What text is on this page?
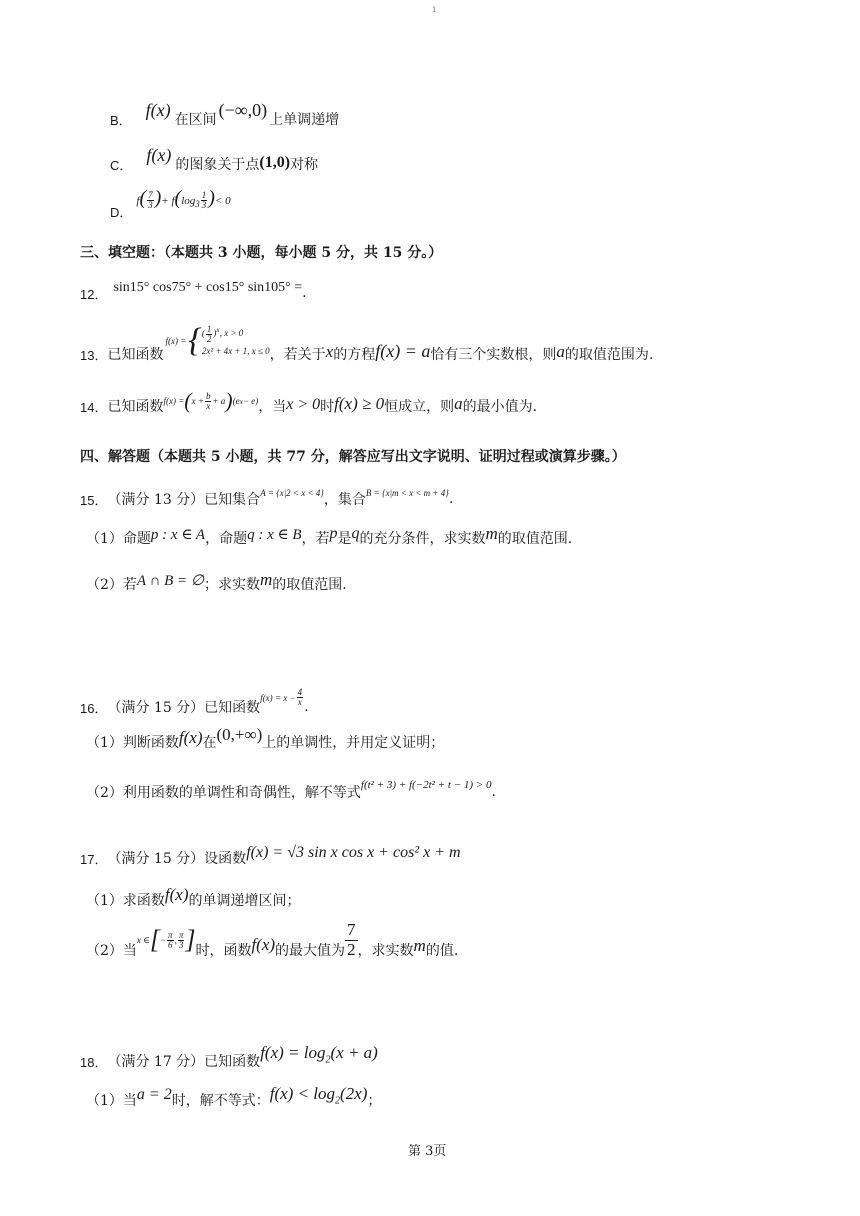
1
B．
f(x) 在区间 (−∞,0) 上单调递增
C．
f(x) 的图象关于点 (1,0) 对称
D．
$f( \frac{7}{3}$ )+ $f(\log_3 \frac{1}{3}$ )< 0
三、填空题：（本题共 3 小题，每小题 5 分，共 15 分。）
12． sin15° cos75° + cos15° sin105° = .
13． 已知函数
f(x) = { ( $\frac{1}{2} )^x$, x > 0
2x² + 4x + 1, x ≤ 0 ，若关于 x 的方程 f(x) = a 恰有三个实数根，则 a 的取值范围为.
14． 已知函数 f(x) = ( $x + \frac{b}{x} + a$ ) (e x − e) ，当 x > 0 时 f(x) ≥ 0 恒成立，则 a 的最小值为.
四、解答题（本题共 5 小题，共 77 分，解答应写出文字说明、证明过程或演算步骤。）
15． （满分 13 分）已知集合 A = {x|2 < x < 4} ，集合 B = {x|m < x < m + 4} .
（1）命题 p : x ∈ A ，命题 q : x ∈ B ，若 p 是 q 的充分条件，求实数 m 的取值范围.
（2）若 A ∩ B = ∅ ；求实数 m 的取值范围.
16． （满分 15 分）已知函数
$f(x) = x - \frac{4}{x}$ .
（1）判断函数 f(x) 在 (0,+∞) 上的单调性，并用定义证明；
（2）利用函数的单调性和奇偶性，解不等式 f(t² + 3) + f(−2t² + t − 1) > 0 .
17． （满分 15 分）设函数 f(x) = √3 sin x cos x + cos² x + m
（1）求函数 f(x) 的单调递增区间；
（2）当
x ∈ [ − $\frac{\pi}{6}$ , $\frac{\pi}{3}$ ] 时，函数 f(x) 的最大值为
7
2 ，求实数 m 的值.
18． （满分 17 分）已知函数 $f(x) = \log_2(x + a)$
（1）当 a = 2 时，解不等式： $f(x) < \log_2(2x)$ ；
第 3页
